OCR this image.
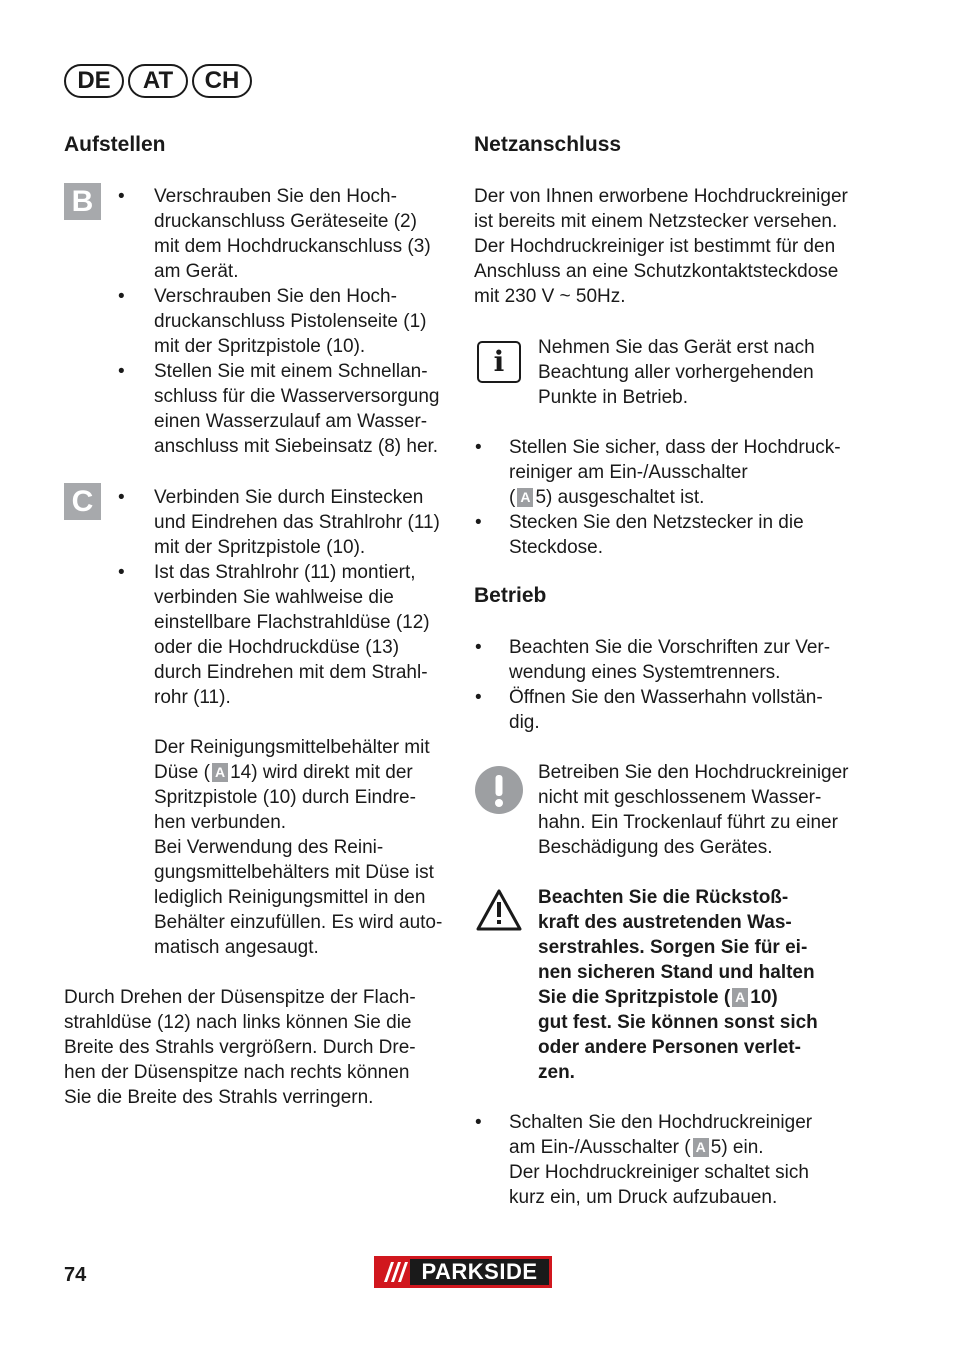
DE	AT	CH
Aufstellen
B	• Verschrauben Sie den Hoch-
druckanschluss Geräteseite (2)
mit dem Hochdruckanschluss (3)
am Gerät.
• Verschrauben Sie den Hoch-
druckanschluss Pistolenseite (1)
mit der Spritzpistole (10).
• Stellen Sie mit einem Schnellan-
schluss für die Wasserversorgung
einen Wasserzulauf am Wasser-
anschluss mit Siebeinsatz (8) her.
C	• Verbinden Sie durch Einstecken
und Eindrehen das Strahlrohr (11)
mit der Spritzpistole (10).
• Ist das Strahlrohr (11) montiert,
verbinden Sie wahlweise die
einstellbare Flachstrahldüse (12)
oder die Hochdruckdüse (13)
durch Eindrehen mit dem Strahl-
rohr (11).

Der Reinigungsmittelbehälter mit

Düse ( A 14) wird direkt mit der

Spritzpistole (10) durch Eindre-

hen verbunden.

Bei Verwendung des Reini-

gungsmittelbehälters mit Düse ist

lediglich Reinigungsmittel in den

Behälter einzufüllen. Es wird auto-

matisch angesaugt.

Durch Drehen der Düsenspitze der Flach-

strahldüse (12) nach links können Sie die

Breite des Strahls vergrößern. Durch Dre-

hen der Düsenspitze nach rechts können

Sie die Breite des Strahls verringern.

Netzanschluss

Der von Ihnen erworbene Hochdruckreiniger

ist bereits mit einem Netzstecker versehen.

Der Hochdruckreiniger ist bestimmt für den

Anschluss an eine Schutzkontaktsteckdose

mit 230 V ~ 50Hz.

i	Nehmen Sie das Gerät erst nach

Beachtung aller vorhergehenden

Punkte in Betrieb.

• Stellen Sie sicher, dass der Hochdruck-
reiniger am Ein-/Ausschalter
( A 5) ausgeschaltet ist.
• Stecken Sie den Netzstecker in die
Steckdose.
Betrieb
• Beachten Sie die Vorschriften zur Ver-
wendung eines Systemtrenners.
• Öffnen Sie den Wasserhahn vollstän-
dig.

Betreiben Sie den Hochdruckreiniger

nicht mit geschlossenem Wasser-

hahn. Ein Trockenlauf führt zu einer

Beschädigung des Gerätes.

Beachten Sie die Rückstoß-

kraft des austretenden Was-

serstrahles. Sorgen Sie für ei-

nen sicheren Stand und halten

Sie die Spritzpistole ( A 10)

gut fest. Sie können sonst sich

oder andere Personen verlet-

zen.

• Schalten Sie den Hochdruckreiniger
am Ein-/Ausschalter ( A 5) ein.
Der Hochdruckreiniger schaltet sich
kurz ein, um Druck aufzubauen.
74	PARKSIDE
